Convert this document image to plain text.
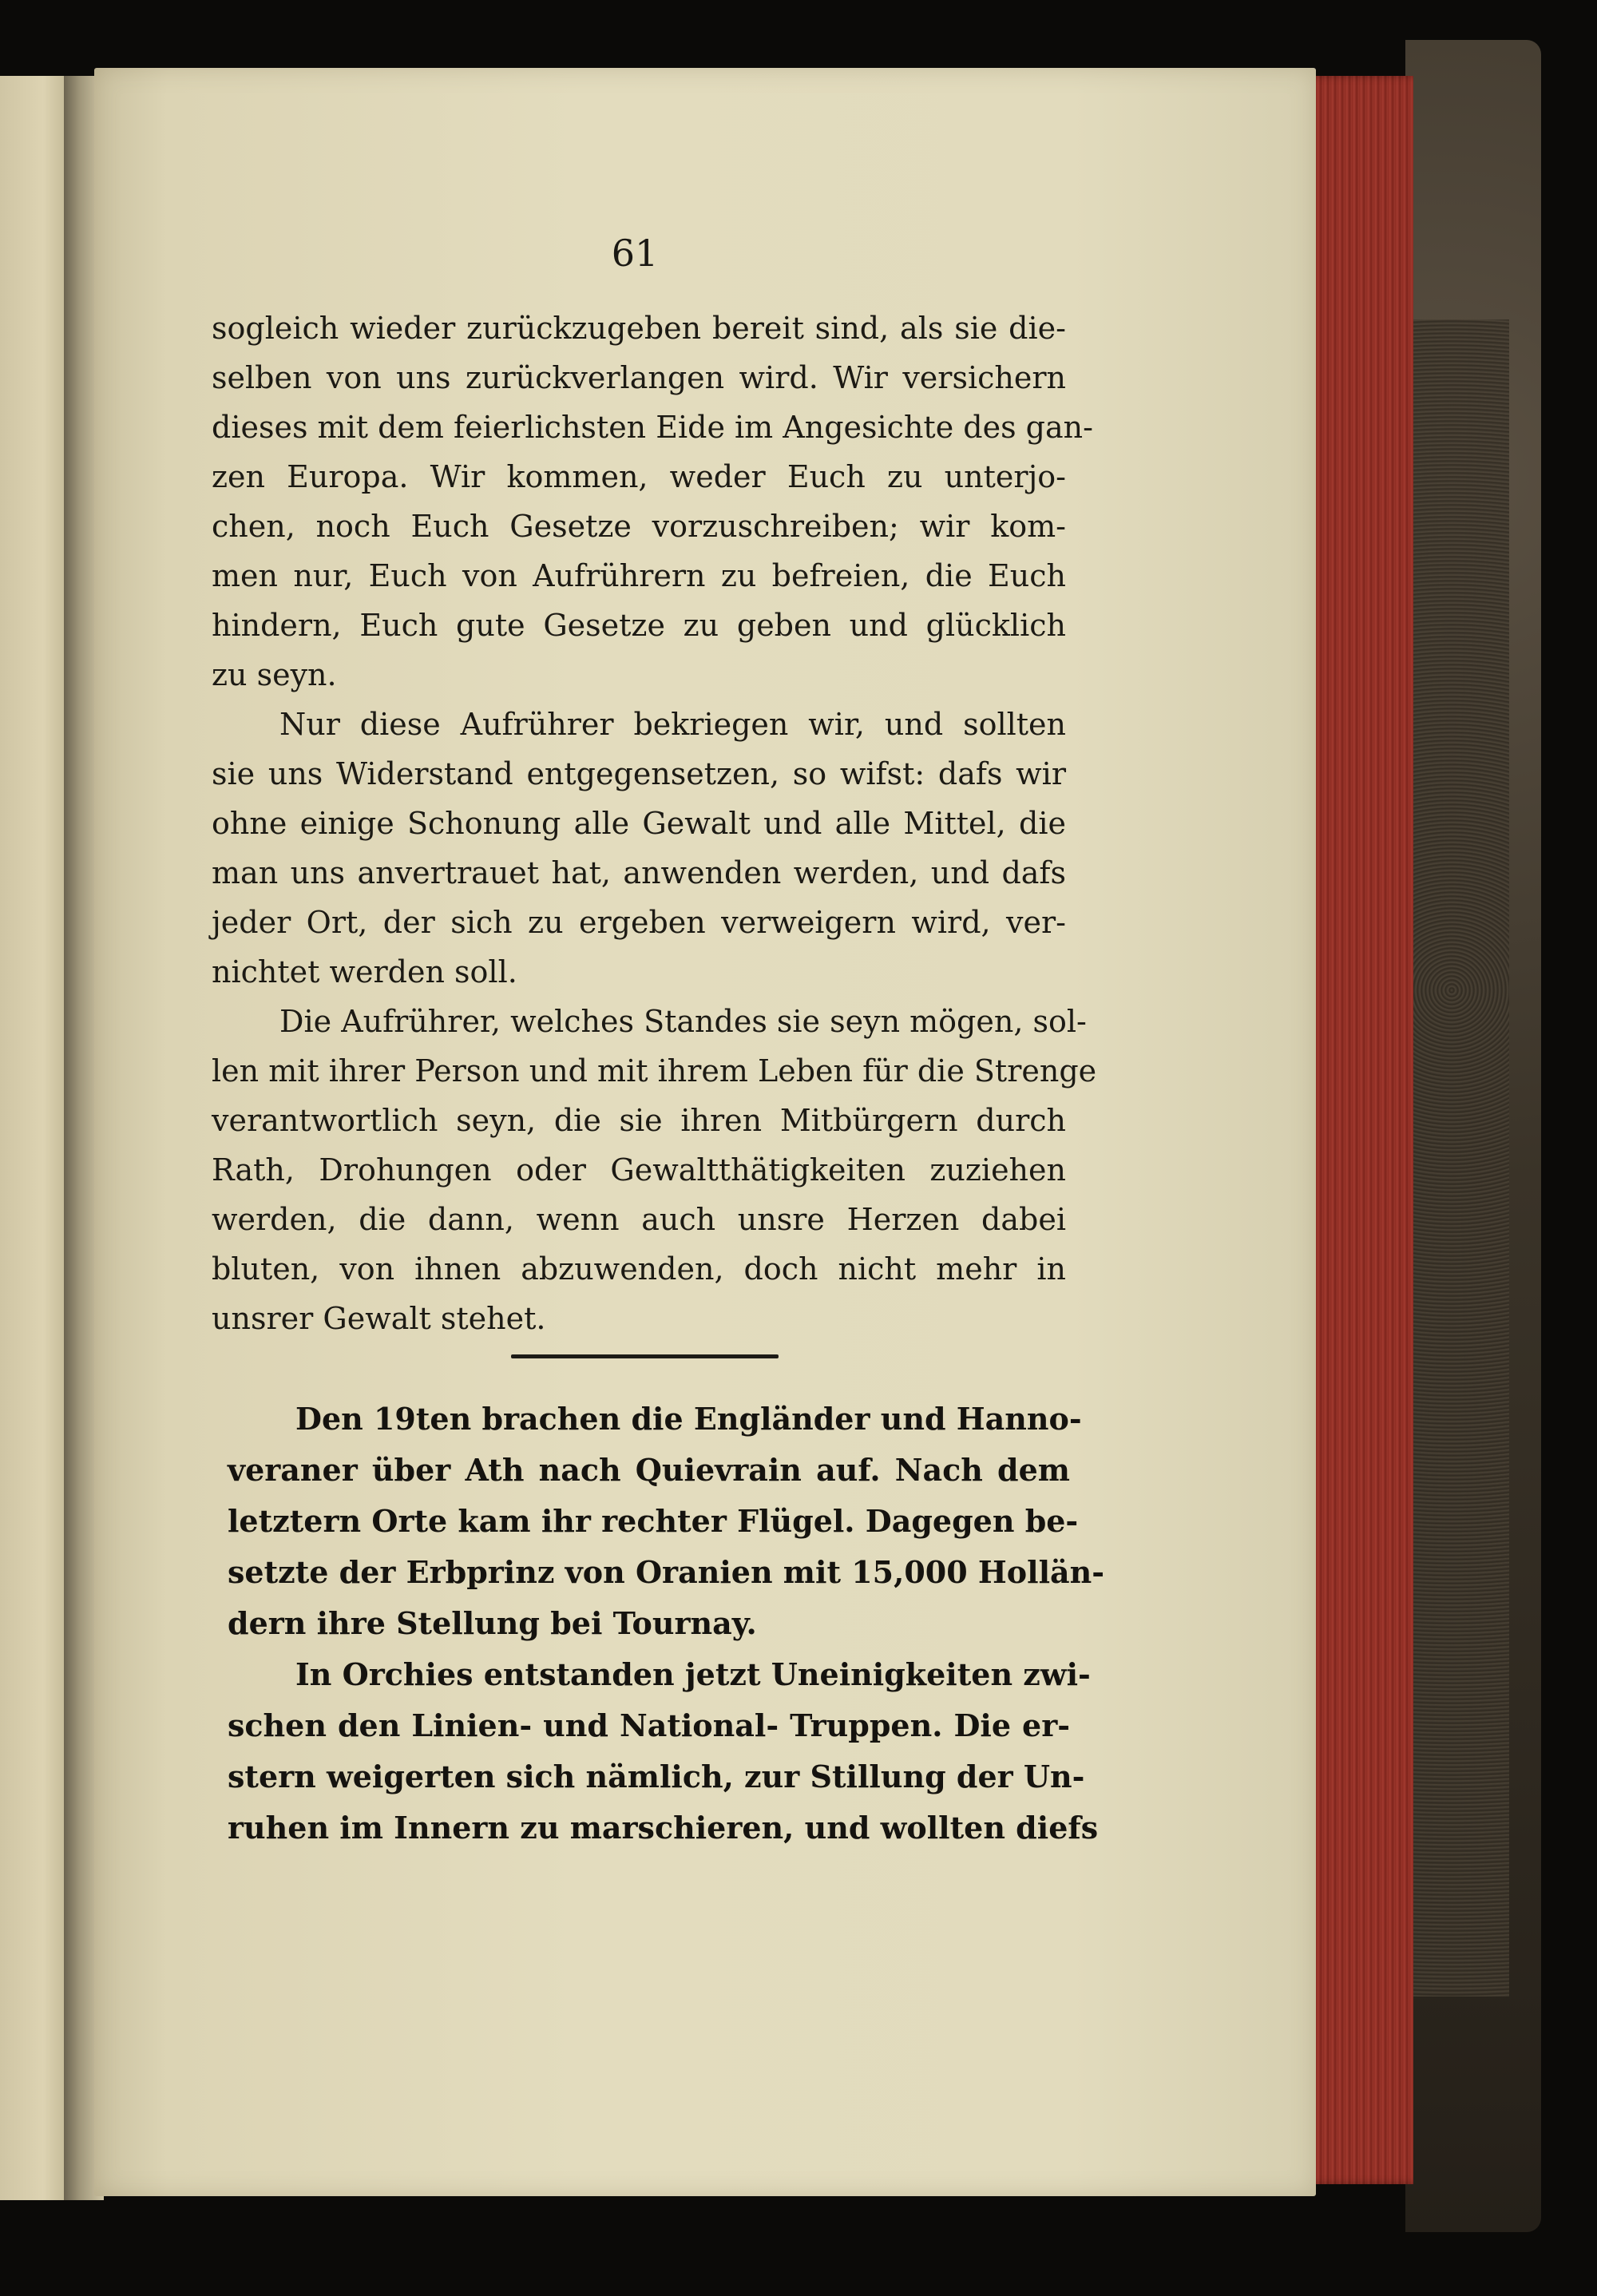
61
sogleich wieder zurückzugeben bereit sind, als sie die-
selben von uns zurückverlangen wird. Wir versichern
dieses mit dem feierlichsten Eide im Angesichte des gan-
zen Europa. Wir kommen, weder Euch zu unterjo-
chen, noch Euch Gesetze vorzuschreiben; wir kom-
men nur, Euch von Aufrührern zu befreien, die Euch
hindern, Euch gute Gesetze zu geben und glücklich
zu seyn.
Nur diese Aufrührer bekriegen wir, und sollten
sie uns Widerstand entgegensetzen, so wifst: dafs wir
ohne einige Schonung alle Gewalt und alle Mittel, die
man uns anvertrauet hat, anwenden werden, und dafs
jeder Ort, der sich zu ergeben verweigern wird, ver-
nichtet werden soll.
Die Aufrührer, welches Standes sie seyn mögen, sol-
len mit ihrer Person und mit ihrem Leben für die Strenge
verantwortlich seyn, die sie ihren Mitbürgern durch
Rath, Drohungen oder Gewaltthätigkeiten zuziehen
werden, die dann, wenn auch unsre Herzen dabei
bluten, von ihnen abzuwenden, doch nicht mehr in
unsrer Gewalt stehet.
Den 19ten brachen die Engländer und Hanno-
veraner über Ath nach Quievrain auf. Nach dem
letztern Orte kam ihr rechter Flügel. Dagegen be-
setzte der Erbprinz von Oranien mit 15,000 Hollän-
dern ihre Stellung bei Tournay.
In Orchies entstanden jetzt Uneinigkeiten zwi-
schen den Linien- und National- Truppen. Die er-
stern weigerten sich nämlich, zur Stillung der Un-
ruhen im Innern zu marschieren, und wollten diefs
